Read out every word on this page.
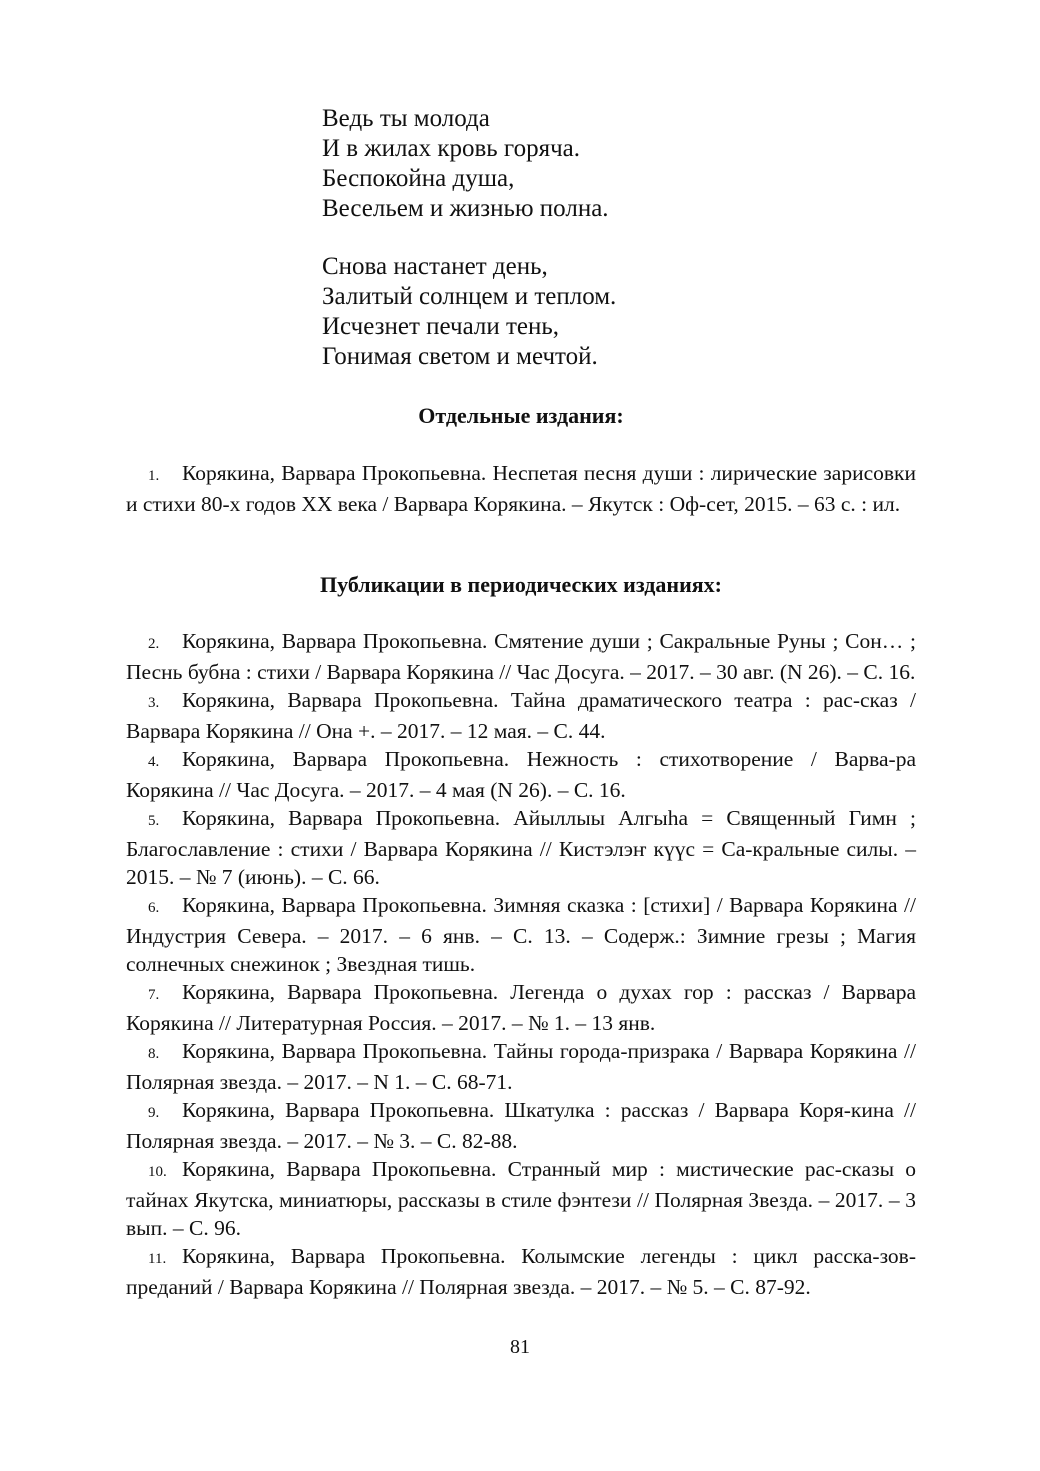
Ведь ты молода
И в жилах кровь горяча.
Беспокойна душа,
Весельем и жизнью полна.
Снова настанет день,
Залитый солнцем и теплом.
Исчезнет печали тень,
Гонимая светом и мечтой.
Отдельные издания:

1. Корякина, Варвара Прокопьевна. Неспетая песня души : лирические зарисовки и стихи 80-х годов XX века / Варвара Корякина. – Якутск : Оф-сет, 2015. – 63 с. : ил.

Публикации в периодических изданиях:

2. Корякина, Варвара Прокопьевна. Смятение души ; Сакральные Руны ; Сон… ; Песнь бубна : стихи / Варвара Корякина // Час Досуга. – 2017. – 30 авг. (N 26). – С. 16.

3. Корякина, Варвара Прокопьевна. Тайна драматического театра : рас-сказ / Варвара Корякина // Она +. – 2017. – 12 мая. – С. 44.

4. Корякина, Варвара Прокопьевна. Нежность : стихотворение / Варва-ра Корякина // Час Досуга. – 2017. – 4 мая (N 26). – С. 16.

5. Корякина, Варвара Прокопьевна. Айыллыы Алгыhа = Священный Гимн ; Благославление : стихи / Варвара Корякина // Кистэлэҥ күүс = Са-кральные силы. – 2015. – № 7 (июнь). – С. 66.

6. Корякина, Варвара Прокопьевна. Зимняя сказка : [стихи] / Варвара Корякина // Индустрия Севера. – 2017. – 6 янв. – С. 13. – Содерж.: Зимние грезы ; Магия солнечных снежинок ; Звездная тишь.

7. Корякина, Варвара Прокопьевна. Легенда о духах гор : рассказ / Варвара Корякина // Литературная Россия. – 2017. – № 1. – 13 янв.

8. Корякина, Варвара Прокопьевна. Тайны города-призрака / Варвара Корякина // Полярная звезда. – 2017. – N 1. – С. 68-71.

9. Корякина, Варвара Прокопьевна. Шкатулка : рассказ / Варвара Коря-кина // Полярная звезда. – 2017. – № 3. – С. 82-88.

10. Корякина, Варвара Прокопьевна. Странный мир : мистические рас-сказы о тайнах Якутска, миниатюры, рассказы в стиле фэнтези // Полярная Звезда. – 2017. – 3 вып. – С. 96.

11. Корякина, Варвара Прокопьевна. Колымские легенды : цикл расска-зов-преданий / Варвара Корякина // Полярная звезда. – 2017. – № 5. – С. 87-92.

81
